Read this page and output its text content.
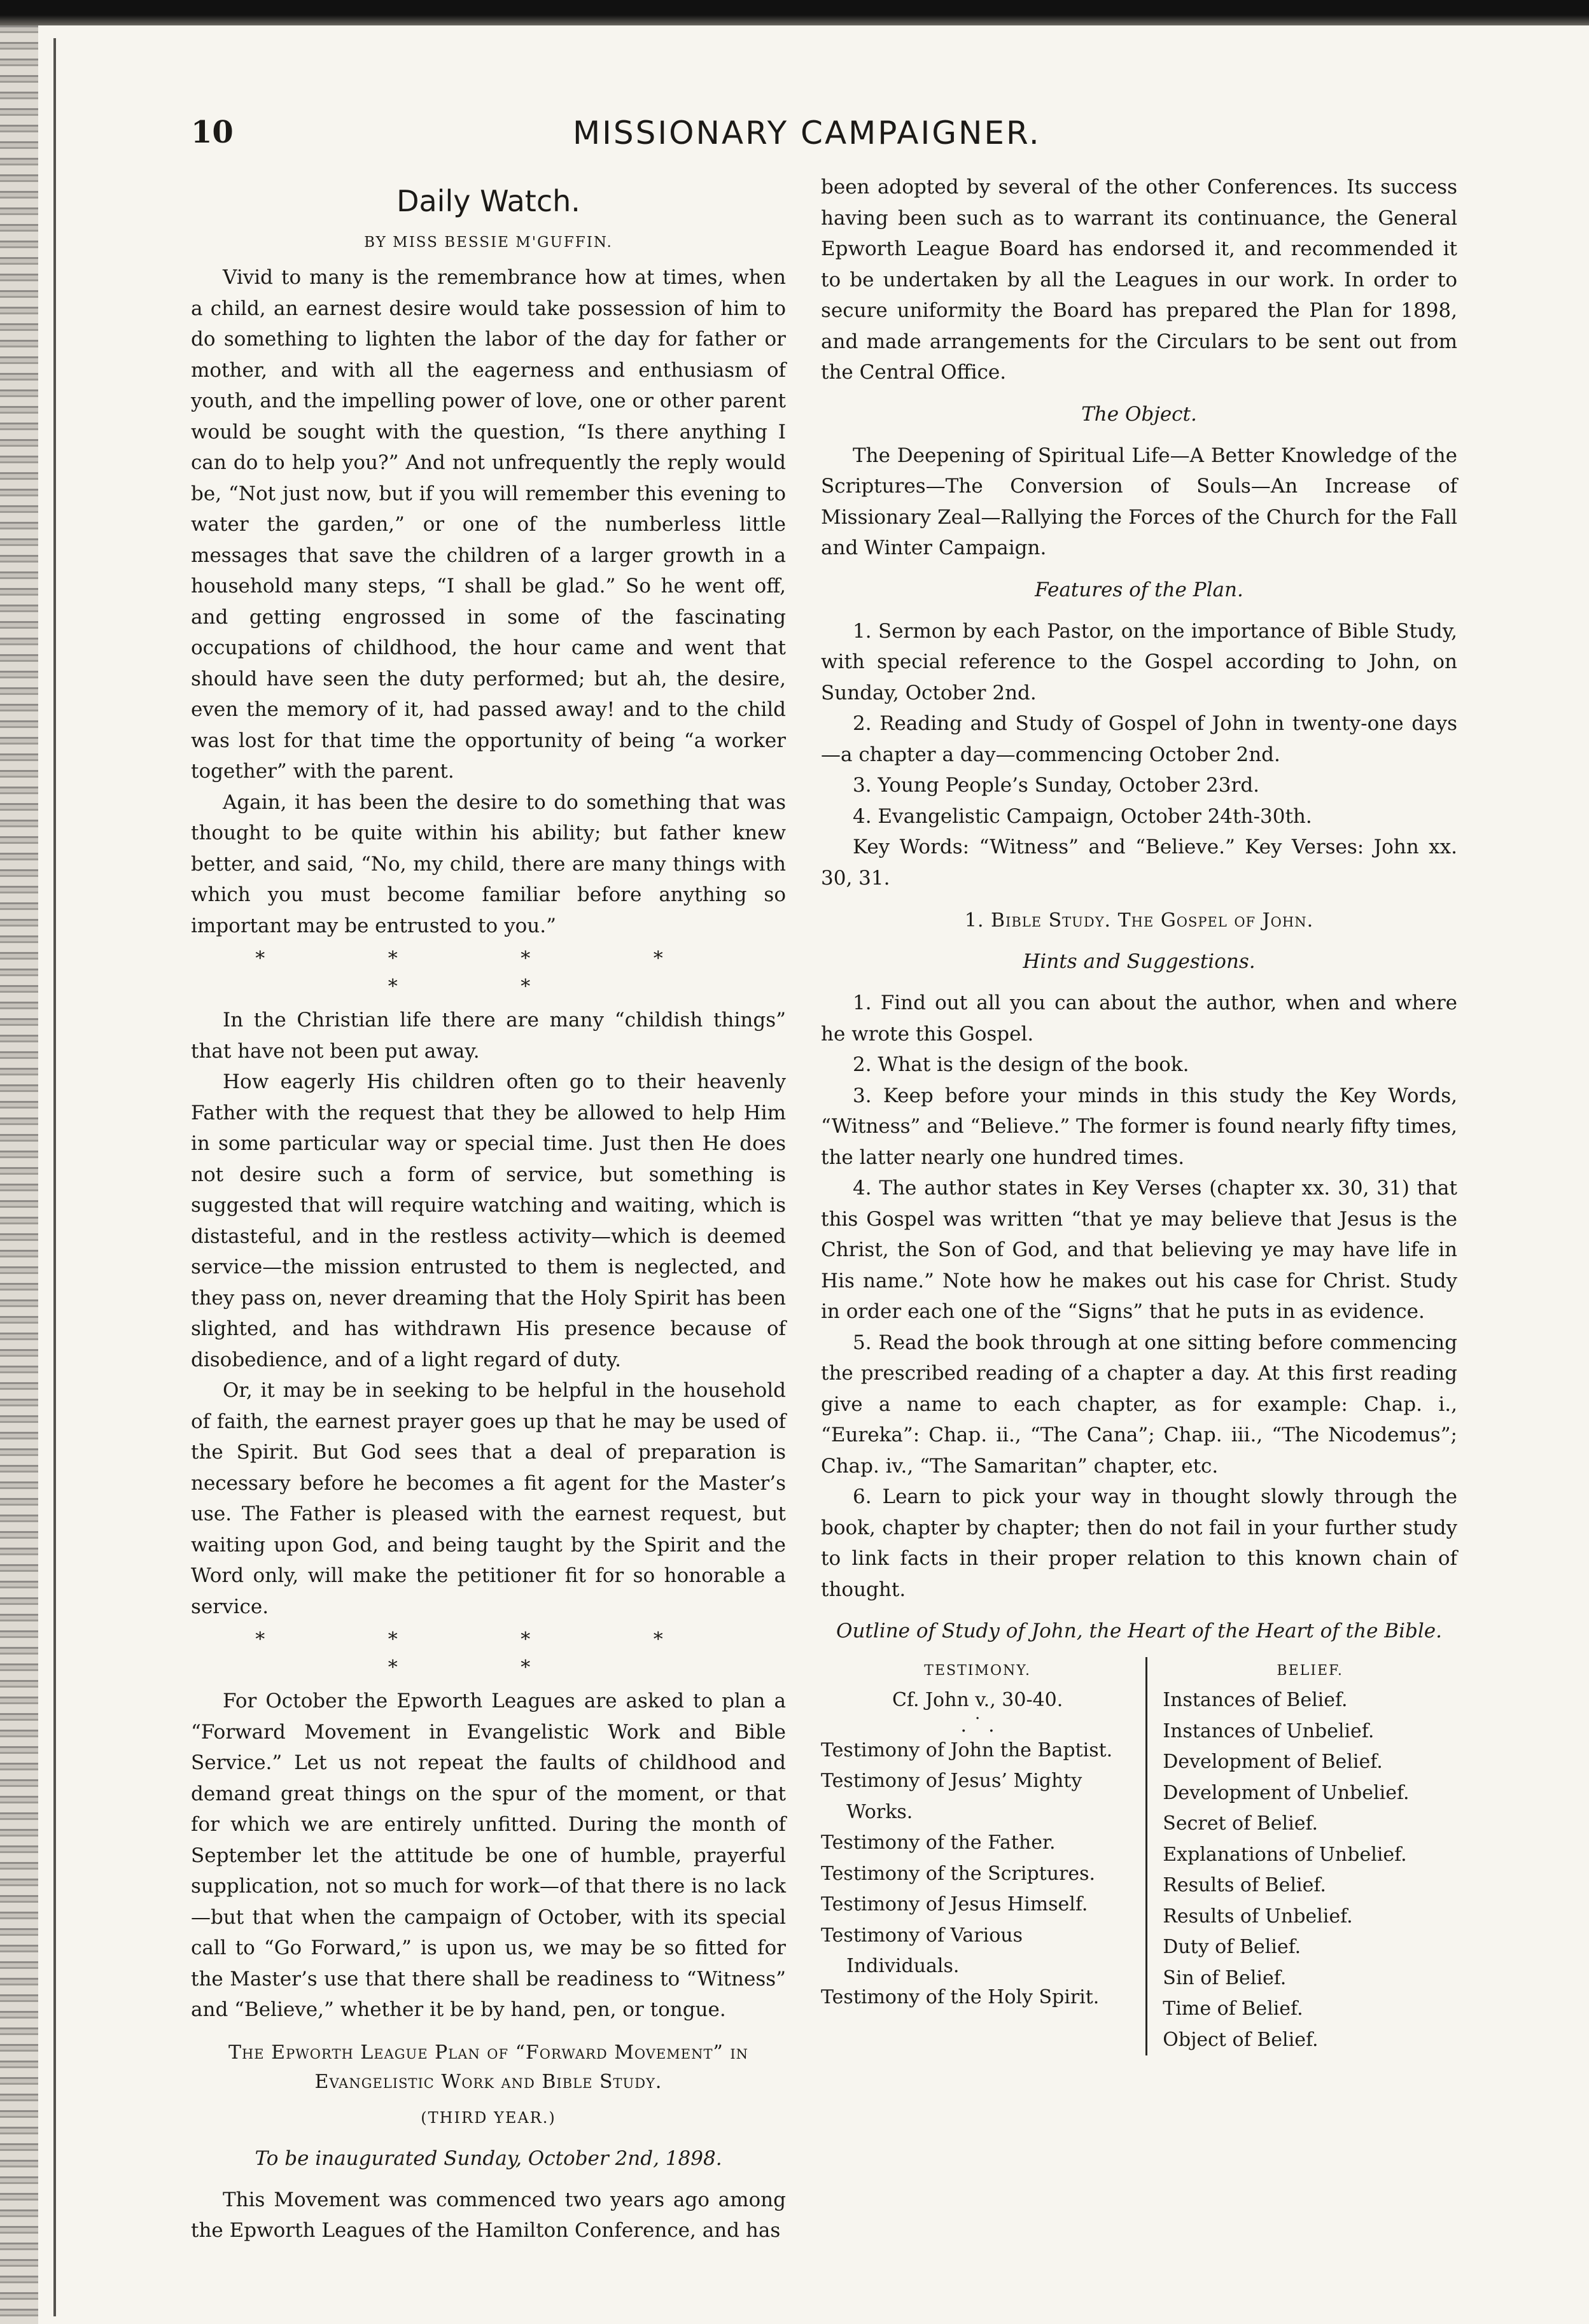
10	MISSIONARY CAMPAIGNER.
Daily Watch.
BY MISS BESSIE M'GUFFIN.

Vivid to many is the remembrance how at times, when a child, an earnest desire would take possession of him to do something to lighten the labor of the day for father or mother, and with all the eagerness and enthusiasm of youth, and the impelling power of love, one or other parent would be sought with the question, “Is there anything I can do to help you?” And not unfrequently the reply would be, “Not just now, but if you will remember this evening to water the garden,” or one of the numberless little messages that save the children of a larger growth in a household many steps, “I shall be glad.” So he went off, and getting engrossed in some of the fascinating occupations of childhood, the hour came and went that should have seen the duty performed; but ah, the desire, even the memory of it, had passed away! and to the child was lost for that time the opportunity of being “a worker together” with the parent.

Again, it has been the desire to do something that was thought to be quite within his ability; but father knew better, and said, “No, my child, there are many things with which you must become familiar before anything so important may be entrusted to you.”

* * * * * *

In the Christian life there are many “childish things” that have not been put away.

How eagerly His children often go to their heavenly Father with the request that they be allowed to help Him in some particular way or special time. Just then He does not desire such a form of service, but something is suggested that will require watching and waiting, which is distasteful, and in the restless activity—which is deemed service—the mission entrusted to them is neglected, and they pass on, never dreaming that the Holy Spirit has been slighted, and has withdrawn His presence because of disobedience, and of a light regard of duty.

Or, it may be in seeking to be helpful in the household of faith, the earnest prayer goes up that he may be used of the Spirit. But God sees that a deal of preparation is necessary before he becomes a fit agent for the Master’s use. The Father is pleased with the earnest request, but waiting upon God, and being taught by the Spirit and the Word only, will make the petitioner fit for so honorable a service.

* * * * * *

For October the Epworth Leagues are asked to plan a “Forward Movement in Evangelistic Work and Bible Service.” Let us not repeat the faults of childhood and demand great things on the spur of the moment, or that for which we are entirely unfitted. During the month of September let the attitude be one of humble, prayerful supplication, not so much for work—of that there is no lack—but that when the campaign of October, with its special call to “Go Forward,” is upon us, we may be so fitted for the Master’s use that there shall be readiness to “Witness” and “Believe,” whether it be by hand, pen, or tongue.

The Epworth League Plan of “Forward Movement” in Evangelistic Work and Bible Study.
(THIRD YEAR.)
To be inaugurated Sunday, October 2nd, 1898.

This Movement was commenced two years ago among the Epworth Leagues of the Hamilton Conference, and has

been adopted by several of the other Conferences. Its success having been such as to warrant its continuance, the General Epworth League Board has endorsed it, and recommended it to be undertaken by all the Leagues in our work. In order to secure uniformity the Board has prepared the Plan for 1898, and made arrangements for the Circulars to be sent out from the Central Office.

The Object.

The Deepening of Spiritual Life—A Better Knowledge of the Scriptures—The Conversion of Souls—An Increase of Missionary Zeal—Rallying the Forces of the Church for the Fall and Winter Campaign.

Features of the Plan.

1. Sermon by each Pastor, on the importance of Bible Study, with special reference to the Gospel according to John, on Sunday, October 2nd.

2. Reading and Study of Gospel of John in twenty-one days—a chapter a day—commencing October 2nd.

3. Young People’s Sunday, October 23rd.

4. Evangelistic Campaign, October 24th-30th.

Key Words: “Witness” and “Believe.” Key Verses: John xx. 30, 31.

1. Bible Study. The Gospel of John.
Hints and Suggestions.

1. Find out all you can about the author, when and where he wrote this Gospel.

2. What is the design of the book.

3. Keep before your minds in this study the Key Words, “Witness” and “Believe.” The former is found nearly fifty times, the latter nearly one hundred times.

4. The author states in Key Verses (chapter xx. 30, 31) that this Gospel was written “that ye may believe that Jesus is the Christ, the Son of God, and that believing ye may have life in His name.” Note how he makes out his case for Christ. Study in order each one of the “Signs” that he puts in as evidence.

5. Read the book through at one sitting before commencing the prescribed reading of a chapter a day. At this first reading give a name to each chapter, as for example: Chap. i., “Eureka”: Chap. ii., “The Cana”; Chap. iii., “The Nicodemus”; Chap. iv., “The Samaritan” chapter, etc.

6. Learn to pick your way in thought slowly through the book, chapter by chapter; then do not fail in your further study to link facts in their proper relation to this known chain of thought.

Outline of Study of John, the Heart of the Heart of the Bible.
TESTIMONY.
Cf. John v., 30-40.
. ˙ .
Testimony of John the Baptist.
Testimony of Jesus’ Mighty Works.
Testimony of the Father.
Testimony of the Scriptures.
Testimony of Jesus Himself.
Testimony of Various Individuals.
Testimony of the Holy Spirit.
BELIEF.
Instances of Belief.
Instances of Unbelief.
Development of Belief.
Development of Unbelief.
Secret of Belief.
Explanations of Unbelief.
Results of Belief.
Results of Unbelief.
Duty of Belief.
Sin of Belief.
Time of Belief.
Object of Belief.
